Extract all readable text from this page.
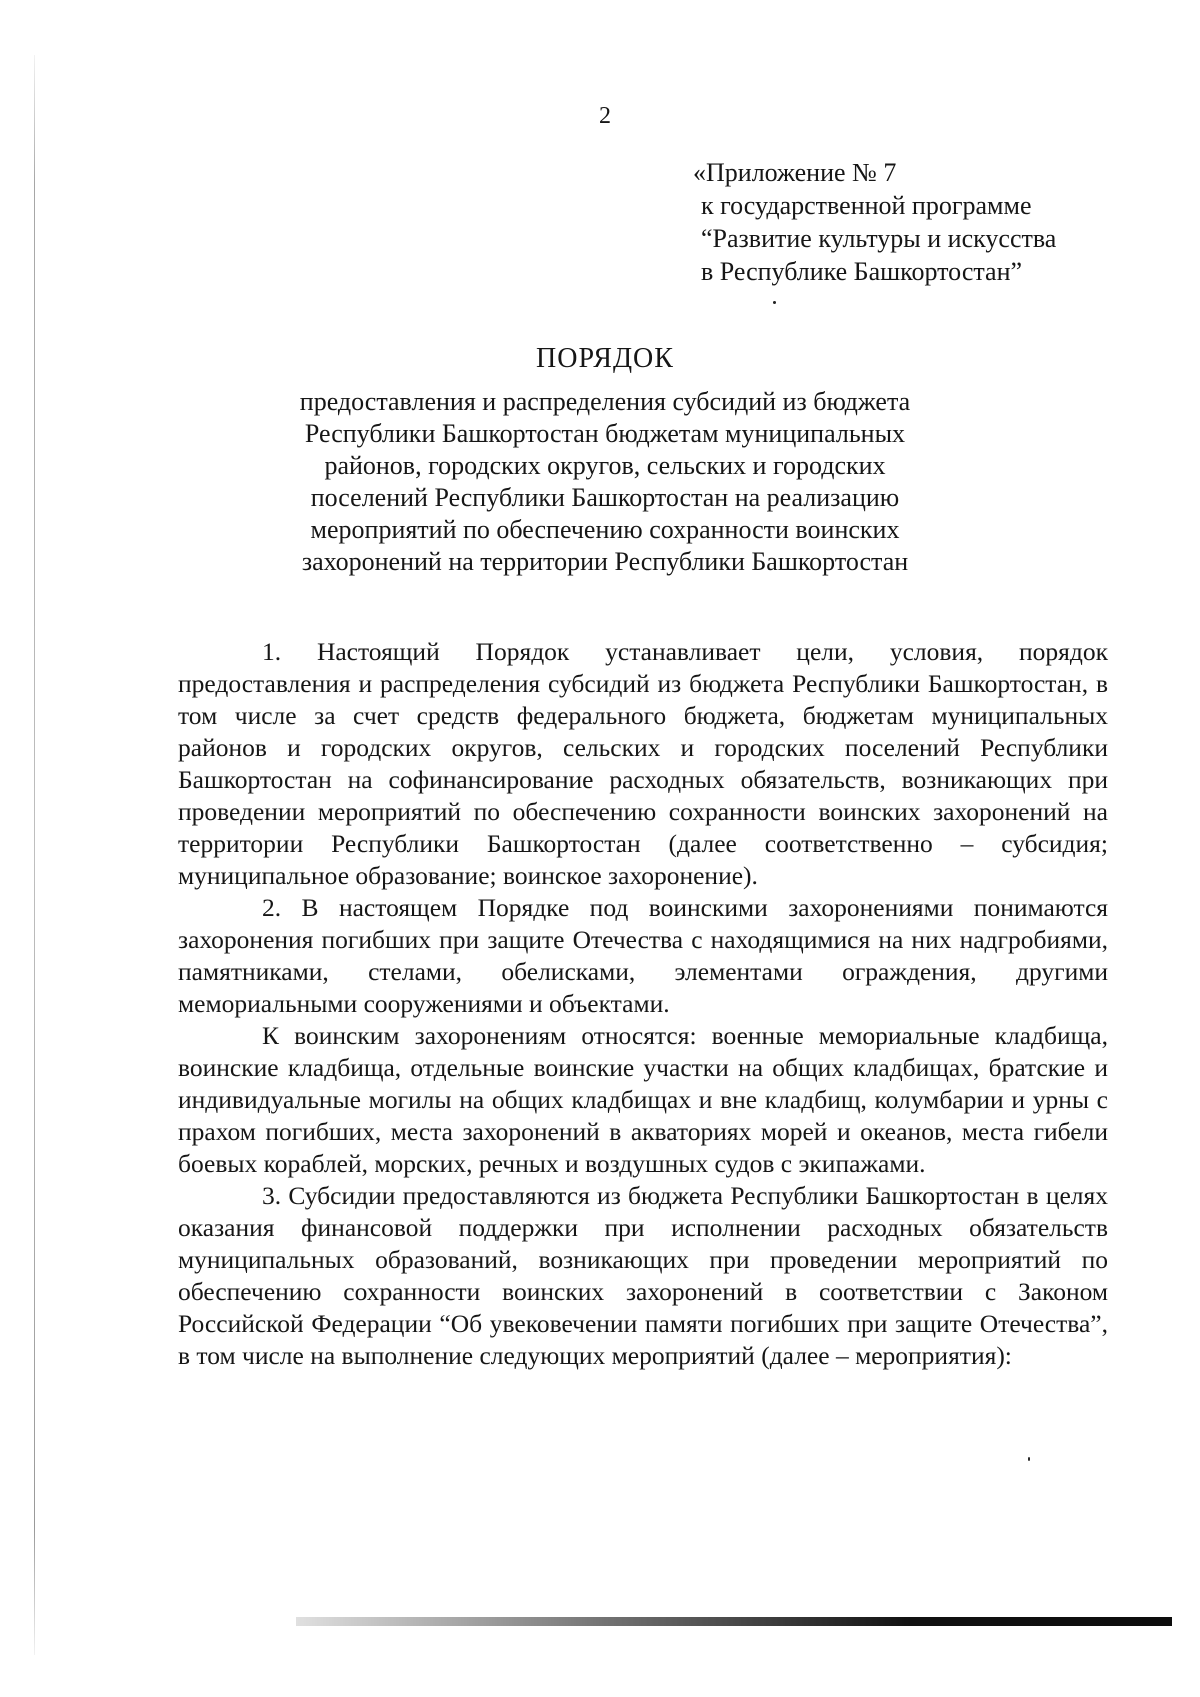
2
«Приложение № 7
к государственной программе
“Развитие культуры и искусства
в Республике Башкортостан”
ПОРЯДОК
предоставления и распределения субсидий из бюджета
Республики Башкортостан бюджетам муниципальных
районов, городских округов, сельских и городских
поселений Республики Башкортостан на реализацию
мероприятий по обеспечению сохранности воинских
захоронений на территории Республики Башкортостан

1. Настоящий Порядок устанавливает цели, условия, порядок предоставления и распределения субсидий из бюджета Республики Башкортостан, в том числе за счет средств федерального бюджета, бюджетам муниципальных районов и городских округов, сельских и городских поселений Республики Башкортостан на софинансирование расходных обязательств, возникающих при проведении мероприятий по обеспечению сохранности воинских захоронений на территории Республики Башкортостан (далее соответственно – субсидия; муниципальное образование; воинское захоронение).

2. В настоящем Порядке под воинскими захоронениями понимаются захоронения погибших при защите Отечества с находящимися на них надгробиями, памятниками, стелами, обелисками, элементами ограждения, другими мемориальными сооружениями и объектами.

К воинским захоронениям относятся: военные мемориальные кладбища, воинские кладбища, отдельные воинские участки на общих кладбищах, братские и индивидуальные могилы на общих кладбищах и вне кладбищ, колумбарии и урны с прахом погибших, места захоронений в акваториях морей и океанов, места гибели боевых кораблей, морских, речных и воздушных судов с экипажами.

3. Субсидии предоставляются из бюджета Республики Башкортостан в целях оказания финансовой поддержки при исполнении расходных обязательств муниципальных образований, возникающих при проведении мероприятий по обеспечению сохранности воинских захоронений в соответствии с Законом Российской Федерации “Об увековечении памяти погибших при защите Отечества”, в том числе на выполнение следующих мероприятий (далее – мероприятия):
